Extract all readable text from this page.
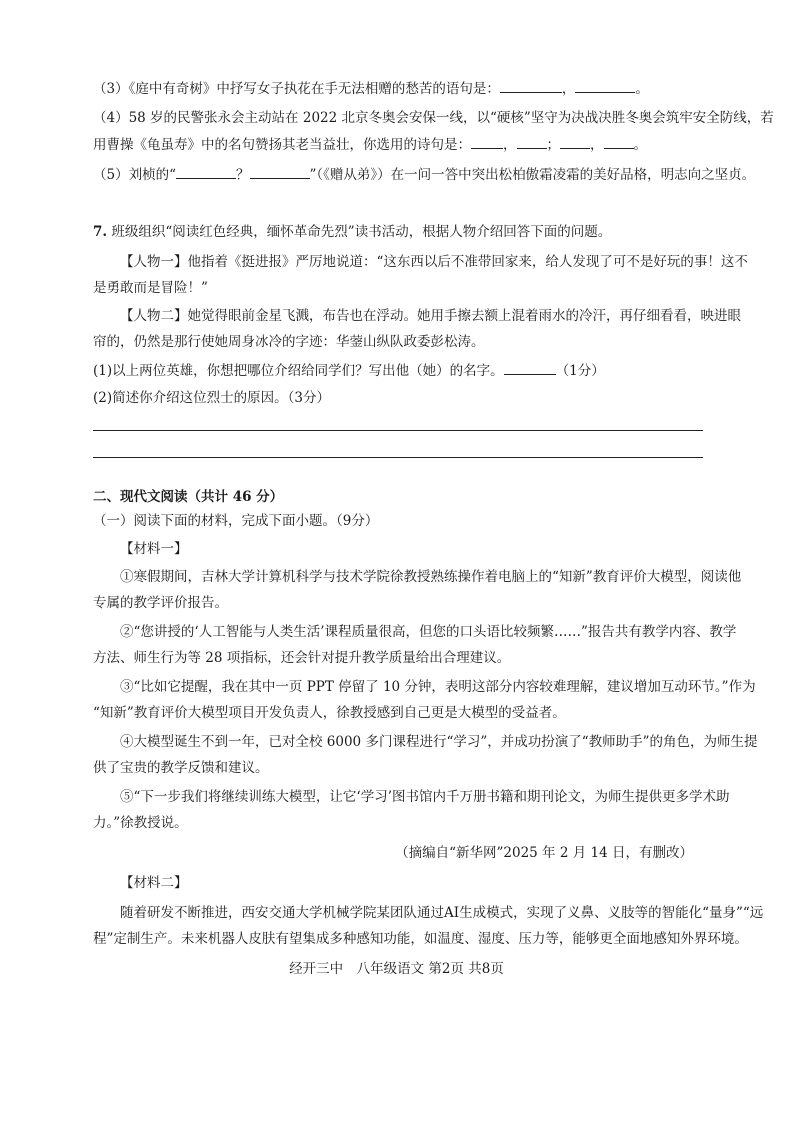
（3）《庭中有奇树》中抒写女子执花在手无法相赠的愁苦的语句是：	，	。
（4）58 岁的民警张永会主动站在 2022 北京冬奥会安保一线，以“硬核”坚守为决战决胜冬奥会筑牢安全防线，若
用曹操《龟虽寿》中的名句赞扬其老当益壮，你选用的诗句是： ， ； ， 。
（5）刘桢的“	？	”（《赠从弟》）在一问一答中突出松柏傲霜凌霜的美好品格，明志向之坚贞。
7. 班级组织“阅读红色经典，缅怀革命先烈”读书活动，根据人物介绍回答下面的问题。
【人物一】他指着《挺进报》严厉地说道：“这东西以后不准带回家来，给人发现了可不是好玩的事！这不
是勇敢而是冒险！”
【人物二】她觉得眼前金星飞溅，布告也在浮动。她用手擦去额上混着雨水的冷汗，再仔细看看，映进眼
帘的，仍然是那行使她周身冰冷的字迹：华蓥山纵队政委彭松涛。
(1)以上两位英雄，你想把哪位介绍给同学们？写出他（她）的名字。	（1分）
(2)简述你介绍这位烈士的原因。（3分）
二、现代文阅读（共计 46 分）
（一）阅读下面的材料，完成下面小题。（9分）
【材料一】
①寒假期间，吉林大学计算机科学与技术学院徐教授熟练操作着电脑上的“知新”教育评价大模型，阅读他
专属的教学评价报告。
②“您讲授的‘人工智能与人类生活’课程质量很高，但您的口头语比较频繁……”报告共有教学内容、教学
方法、师生行为等 28 项指标，还会针对提升教学质量给出合理建议。
③“比如它提醒，我在其中一页 PPT 停留了 10 分钟，表明这部分内容较难理解，建议增加互动环节。”作为
“知新”教育评价大模型项目开发负责人，徐教授感到自己更是大模型的受益者。
④大模型诞生不到一年，已对全校 6000 多门课程进行“学习”，并成功扮演了“教师助手”的角色，为师生提
供了宝贵的教学反馈和建议。
⑤“下一步我们将继续训练大模型，让它‘学习’图书馆内千万册书籍和期刊论文，为师生提供更多学术助
力。”徐教授说。
（摘编自“新华网”2025 年 2 月 14 日，有删改）
【材料二】
随着研发不断推进，西安交通大学机械学院某团队通过AI生成模式，实现了义鼻、义肢等的智能化“量身”“远
程”定制生产。未来机器人皮肤有望集成多种感知功能，如温度、湿度、压力等，能够更全面地感知外界环境。
经开三中　八年级语文 第2页 共8页
